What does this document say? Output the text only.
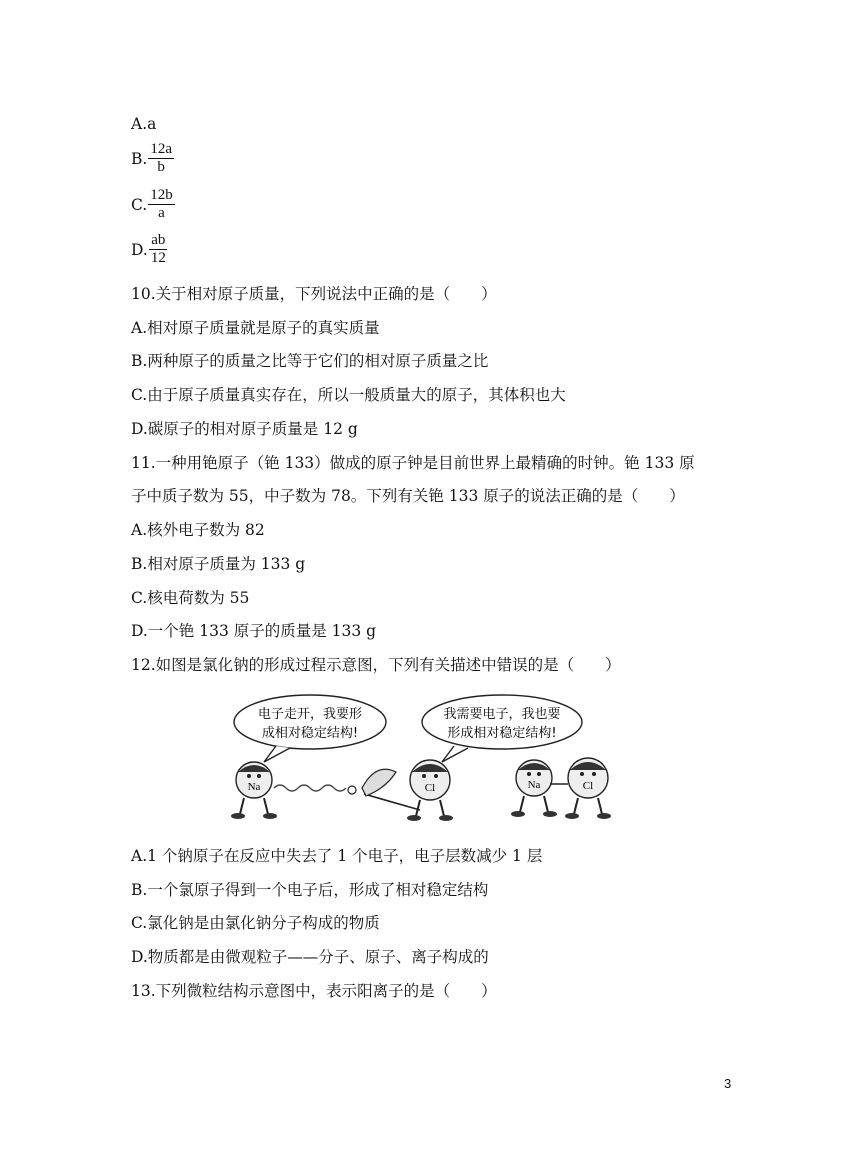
A.a
B. $\frac{12a}{b}$
C. $\frac{12b}{a}$
D. $\frac{ab}{12}$
10.关于相对原子质量，下列说法中正确的是（　　）
A.相对原子质量就是原子的真实质量
B.两种原子的质量之比等于它们的相对原子质量之比
C.由于原子质量真实存在，所以一般质量大的原子，其体积也大
D.碳原子的相对原子质量是 12 g
11.一种用铯原子（铯 133）做成的原子钟是目前世界上最精确的时钟。铯 133 原
子中质子数为 55，中子数为 78。下列有关铯 133 原子的说法正确的是（　　）
A.核外电子数为 82
B.相对原子质量为 133 g
C.核电荷数为 55
D.一个铯 133 原子的质量是 133 g
12.如图是氯化钠的形成过程示意图，下列有关描述中错误的是（　　）
电子走开，我要形
成相对稳定结构!
我需要电子，我也要
形成相对稳定结构!
Na	Cl	Na	Cl
A.1 个钠原子在反应中失去了 1 个电子，电子层数减少 1 层
B.一个氯原子得到一个电子后，形成了相对稳定结构
C.氯化钠是由氯化钠分子构成的物质
D.物质都是由微观粒子——分子、原子、离子构成的
13.下列微粒结构示意图中，表示阳离子的是（　　）
3
